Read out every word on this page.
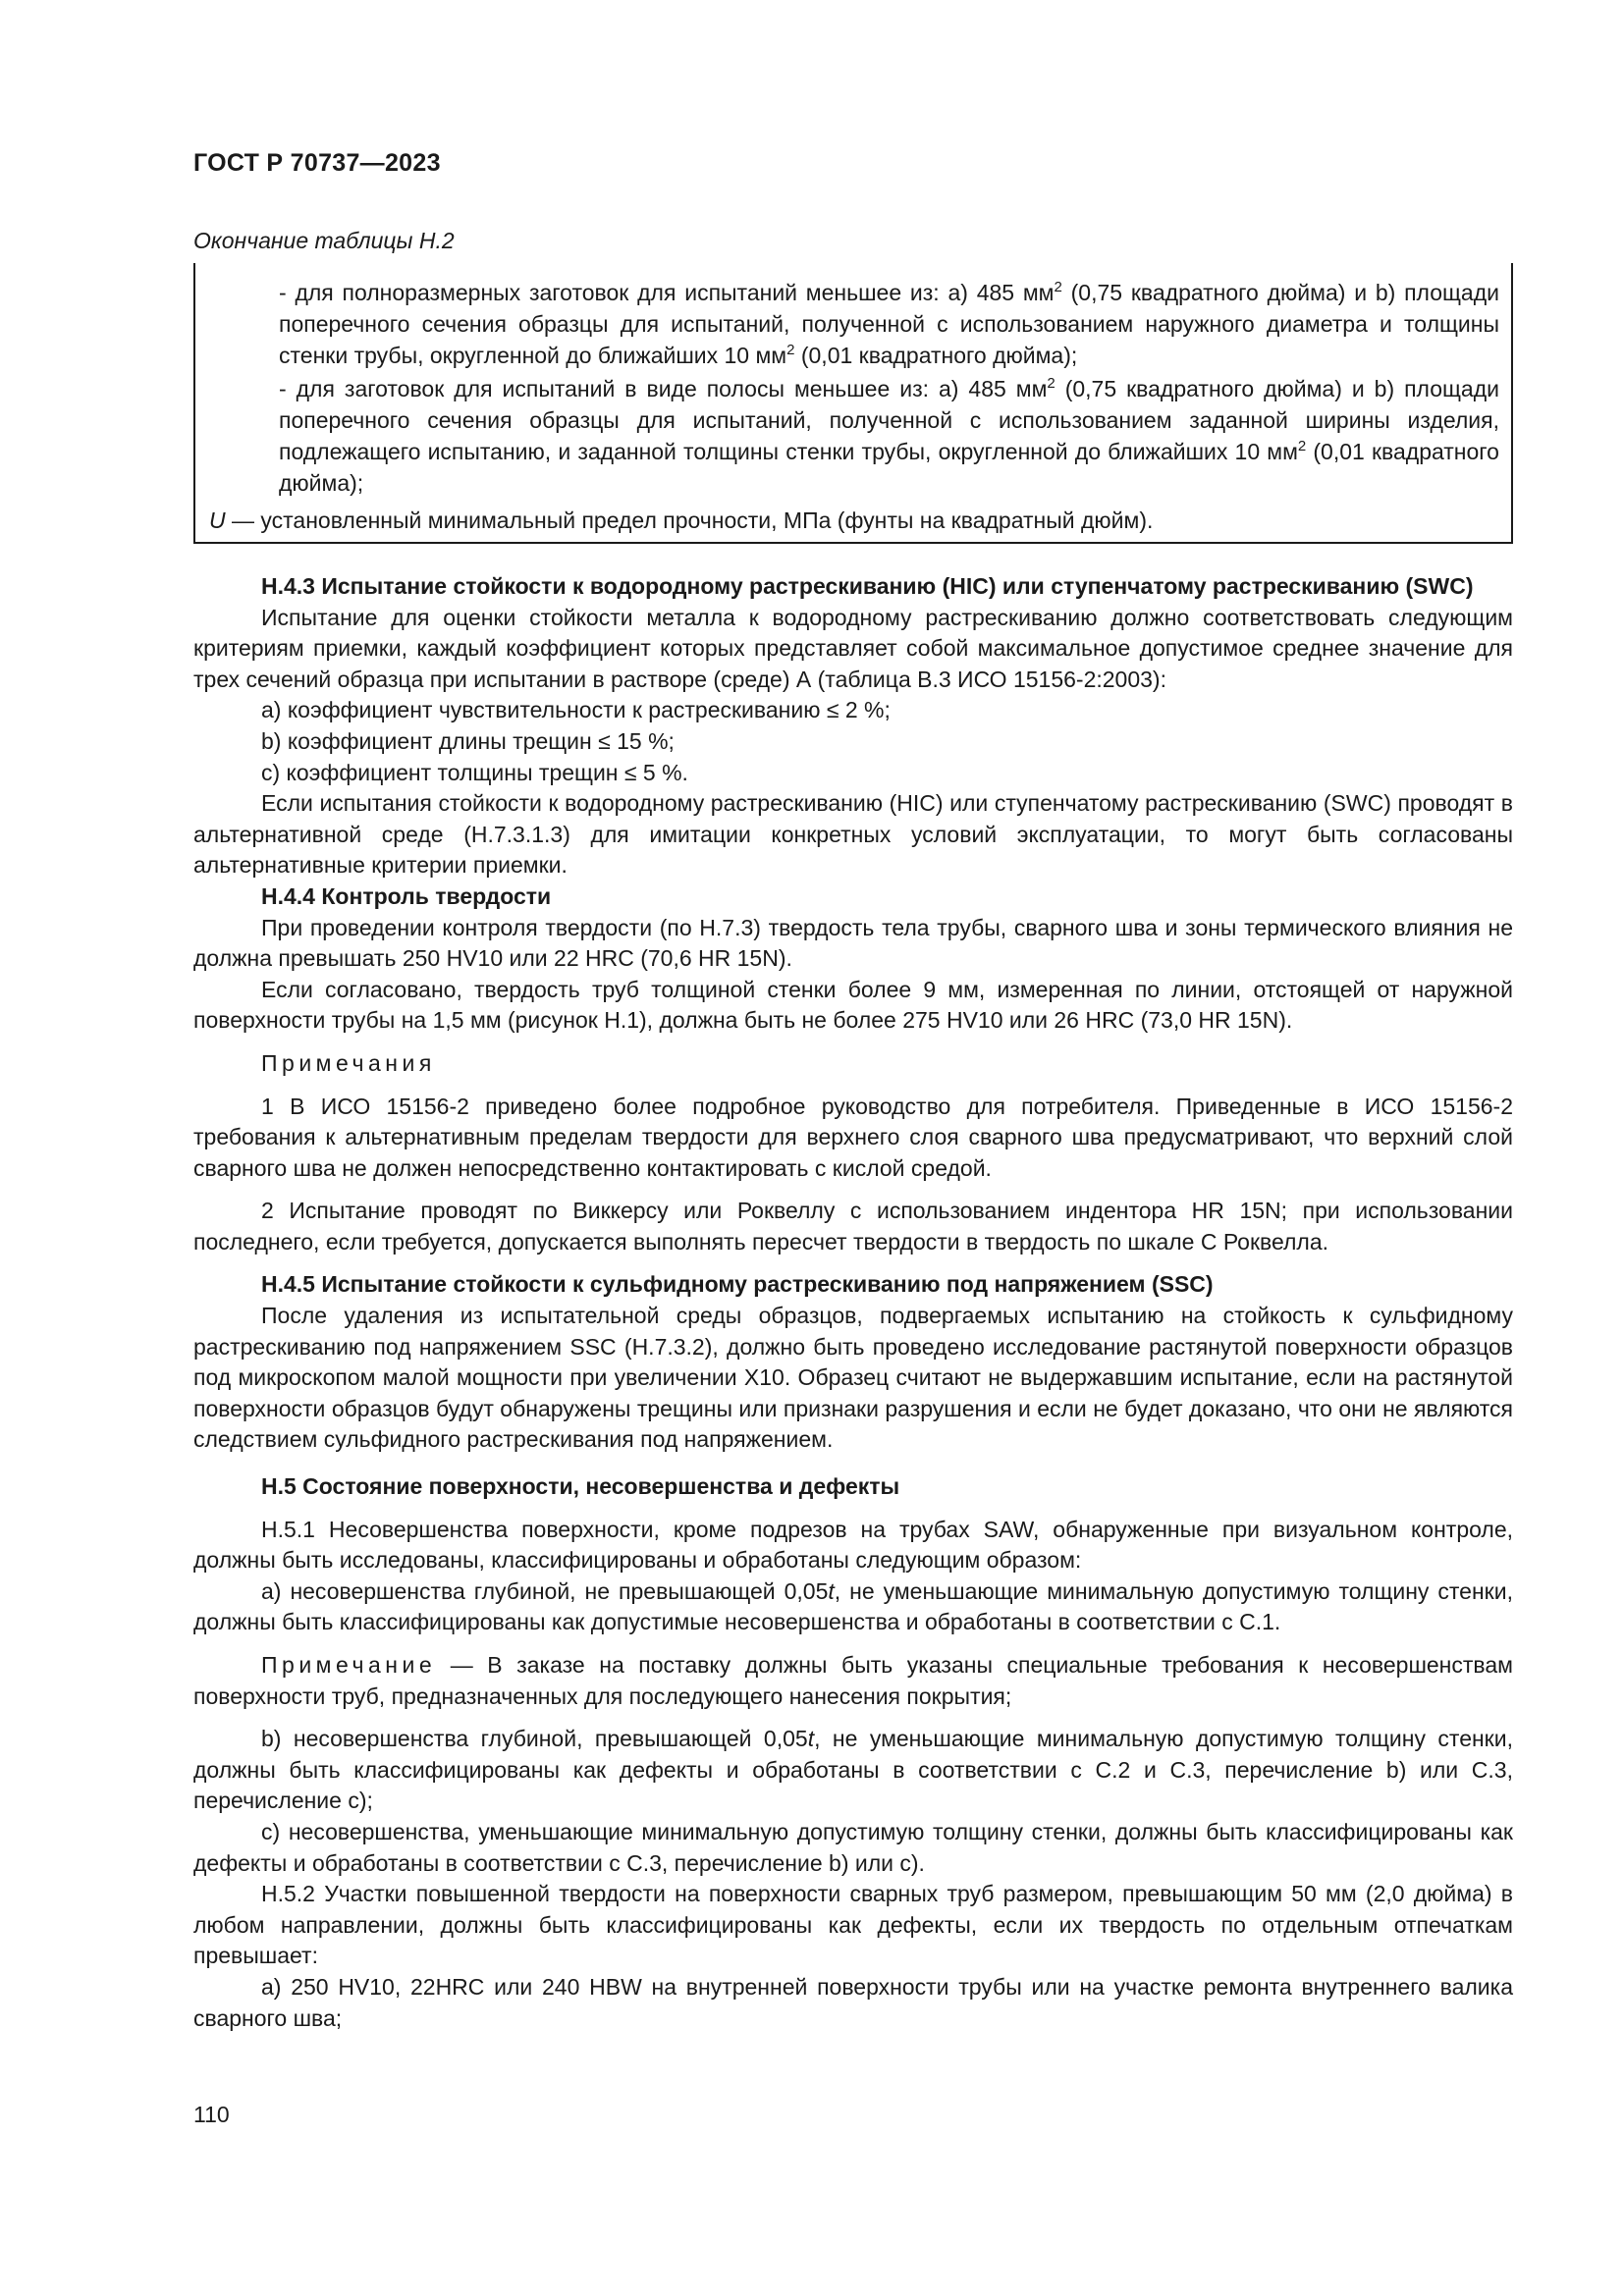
ГОСТ Р 70737—2023
Окончание таблицы Н.2

- для полноразмерных заготовок для испытаний меньшее из: a) 485 $мм^2$ (0,75 квадратного дюйма) и b) площади поперечного сечения образцы для испытаний, полученной с использованием наружного диаметра и толщины стенки трубы, округленной до ближайших 10 $мм^2$ (0,01 квадратного дюйма);

- для заготовок для испытаний в виде полосы меньшее из: a) 485 $мм^2$ (0,75 квадратного дюйма) и b) площади поперечного сечения образцы для испытаний, полученной с использованием заданной ширины изделия, подлежащего испытанию, и заданной толщины стенки трубы, округленной до ближайших 10 $мм^2$ (0,01 квадратного дюйма);

U — установленный минимальный предел прочности, МПа (фунты на квадратный дюйм).

Н.4.3 Испытание стойкости к водородному растрескиванию (HIC) или ступенчатому растрескиванию (SWC)

Испытание для оценки стойкости металла к водородному растрескиванию должно соответствовать следующим критериям приемки, каждый коэффициент которых представляет собой максимальное допустимое среднее значение для трех сечений образца при испытании в растворе (среде) А (таблица В.3 ИСО 15156-2:2003):

a) коэффициент чувствительности к растрескиванию ≤ 2 %;

b) коэффициент длины трещин ≤ 15 %;

c) коэффициент толщины трещин ≤ 5 %.

Если испытания стойкости к водородному растрескиванию (HIC) или ступенчатому растрескиванию (SWC) проводят в альтернативной среде (Н.7.3.1.3) для имитации конкретных условий эксплуатации, то могут быть согласованы альтернативные критерии приемки.

Н.4.4 Контроль твердости

При проведении контроля твердости (по Н.7.3) твердость тела трубы, сварного шва и зоны термического влияния не должна превышать 250 HV10 или 22 HRC (70,6 HR 15N).

Если согласовано, твердость труб толщиной стенки более 9 мм, измеренная по линии, отстоящей от наружной поверхности трубы на 1,5 мм (рисунок Н.1), должна быть не более 275 HV10 или 26 HRC (73,0 HR 15N).

Примечания

1 В ИСО 15156-2 приведено более подробное руководство для потребителя. Приведенные в ИСО 15156-2 требования к альтернативным пределам твердости для верхнего слоя сварного шва предусматривают, что верхний слой сварного шва не должен непосредственно контактировать с кислой средой.

2 Испытание проводят по Виккерсу или Роквеллу с использованием индентора HR 15N; при использовании последнего, если требуется, допускается выполнять пересчет твердости в твердость по шкале С Роквелла.

Н.4.5 Испытание стойкости к сульфидному растрескиванию под напряжением (SSC)

После удаления из испытательной среды образцов, подвергаемых испытанию на стойкость к сульфидному растрескиванию под напряжением SSC (Н.7.3.2), должно быть проведено исследование растянутой поверхности образцов под микроскопом малой мощности при увеличении X10. Образец считают не выдержавшим испытание, если на растянутой поверхности образцов будут обнаружены трещины или признаки разрушения и если не будет доказано, что они не являются следствием сульфидного растрескивания под напряжением.

Н.5 Состояние поверхности, несовершенства и дефекты

Н.5.1 Несовершенства поверхности, кроме подрезов на трубах SAW, обнаруженные при визуальном контроле, должны быть исследованы, классифицированы и обработаны следующим образом:

a) несовершенства глубиной, не превышающей 0,05t, не уменьшающие минимальную допустимую толщину стенки, должны быть классифицированы как допустимые несовершенства и обработаны в соответствии с С.1.

Примечание — В заказе на поставку должны быть указаны специальные требования к несовершенствам поверхности труб, предназначенных для последующего нанесения покрытия;

b) несовершенства глубиной, превышающей 0,05t, не уменьшающие минимальную допустимую толщину стенки, должны быть классифицированы как дефекты и обработаны в соответствии с С.2 и С.3, перечисление b) или С.3, перечисление c);

c) несовершенства, уменьшающие минимальную допустимую толщину стенки, должны быть классифицированы как дефекты и обработаны в соответствии с С.3, перечисление b) или c).

Н.5.2 Участки повышенной твердости на поверхности сварных труб размером, превышающим 50 мм (2,0 дюйма) в любом направлении, должны быть классифицированы как дефекты, если их твердость по отдельным отпечаткам превышает:

a) 250 HV10, 22HRC или 240 HBW на внутренней поверхности трубы или на участке ремонта внутреннего валика сварного шва;

110
